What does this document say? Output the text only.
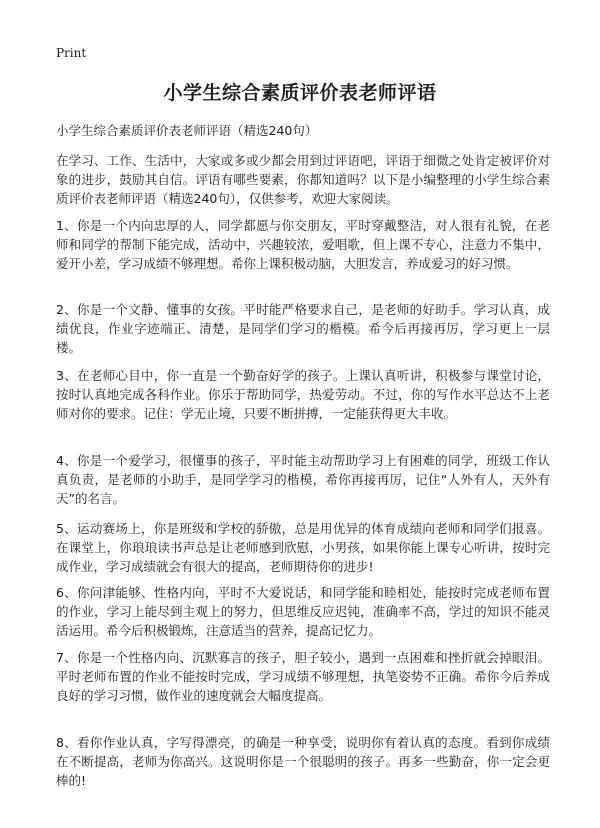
Print
小学生综合素质评价表老师评语

小学生综合素质评价表老师评语（精选240句）

在学习、工作、生活中，大家或多或少都会用到过评语吧，评语于细微之处肯定被评价对象的进步，鼓励其自信。评语有哪些要素，你都知道吗？以下是小编整理的小学生综合素质评价表老师评语（精选240句），仅供参考，欢迎大家阅读。

1、你是一个内向忠厚的人，同学都愿与你交朋友，平时穿戴整洁，对人很有礼貌，在老师和同学的帮制下能完成，活动中，兴趣较浓，爱唱歌，但上课不专心，注意力不集中，爱开小差，学习成绩不够理想。希你上课积极动脑，大胆发言，养成爱习的好习惯。

2、你是一个文静、懂事的女孩。平时能严格要求自己，是老师的好助手。学习认真，成绩优良，作业字迹端正、清楚，是同学们学习的楷模。希今后再接再厉，学习更上一层楼。

3、在老师心目中，你一直是一个勤奋好学的孩子。上课认真听讲，积极参与课堂讨论，按时认真地完成各科作业。你乐于帮助同学，热爱劳动。不过，你的写作水平总达不上老师对你的要求。记住：学无止境，只要不断拼搏，一定能获得更大丰收。

4、你是一个爱学习，很懂事的孩子，平时能主动帮助学习上有困难的同学，班级工作认真负责，是老师的小助手，是同学学习的楷模，希你再接再厉，记住“人外有人，天外有天”的名言。

5、运动赛场上，你是班级和学校的骄傲，总是用优异的体育成绩向老师和同学们报喜。在课堂上，你琅琅读书声总是让老师感到欣慰，小男孩，如果你能上课专心听讲，按时完成作业，学习成绩就会有很大的提高，老师期待你的进步!

6、你问津能够、性格内向，平时不大爱说话，和同学能和睦相处，能按时完成老师布置的作业，学习上能尽到主观上的努力，但思维反应迟钝，准确率不高，学过的知识不能灵活运用。希今后积极锻炼，注意适当的营养，提高记忆力。

7、你是一个性格内向、沉默寡言的孩子，胆子较小，遇到一点困难和挫折就会掉眼泪。平时老师布置的作业不能按时完成，学习成绩不够理想，执笔姿势不正确。希你今后养成良好的学习习惯，做作业的速度就会大幅度提高。

8、看你作业认真，字写得漂亮，的确是一种享受，说明你有着认真的态度。看到你成绩在不断提高，老师为你高兴。这说明你是一个很聪明的孩子。再多一些勤奋，你一定会更棒的!
